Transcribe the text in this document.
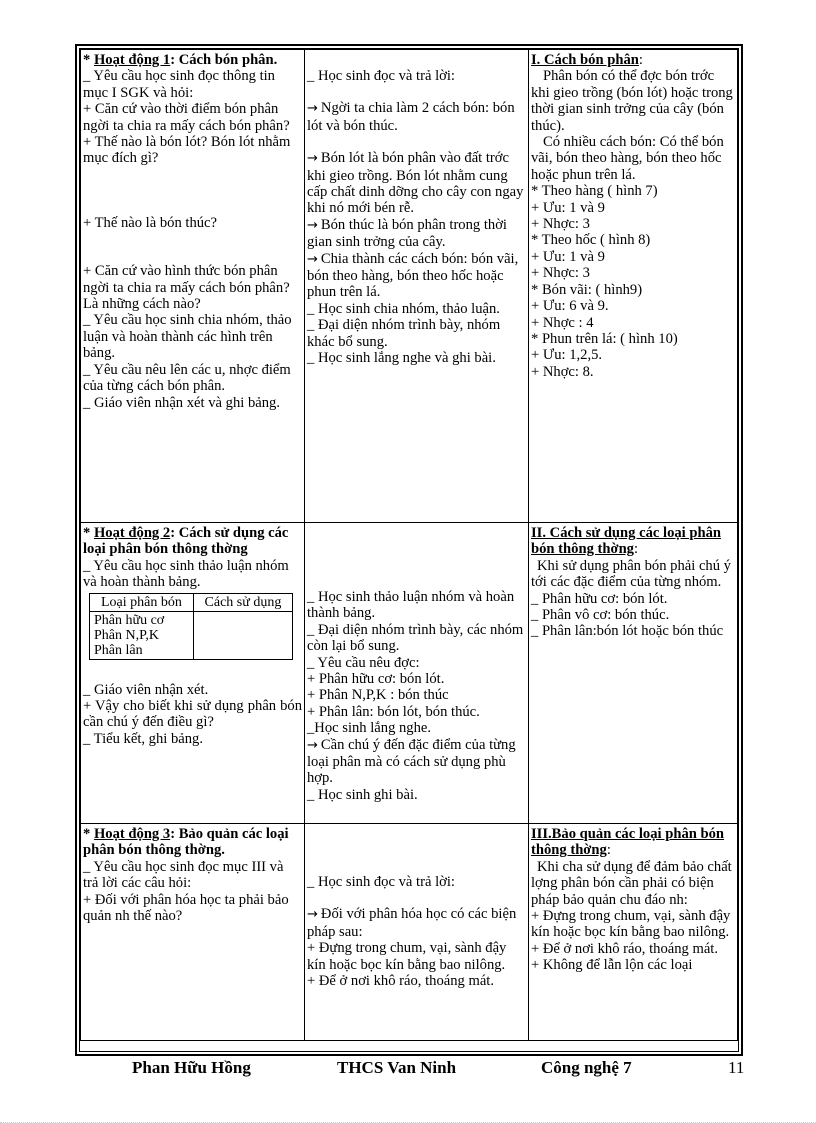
* Hoạt động 1: Cách bón phân.
_ Yêu cầu học sinh đọc thông tin mục I SGK và hỏi:
+ Căn cứ vào thời điểm bón phân ngời ta chia ra mấy cách bón phân?
+ Thế nào là bón lót? Bón lót nhằm mục đích gì?
+ Thế nào là bón thúc?
+ Căn cứ vào hình thức bón phân ngời ta chia ra mấy cách bón phân? Là những cách nào?
_ Yêu cầu học sinh chia nhóm, thảo luận và hoàn thành các hình trên bảng.
_ Yêu cầu nêu lên các u, nhợc điểm của từng cách bón phân.
_ Giáo viên nhận xét và ghi bảng.

_ Học sinh đọc và trả lời:
→ Ngời ta chia làm 2 cách bón: bón lót và bón thúc.
→ Bón lót là bón phân vào đất trớc khi gieo trồng. Bón lót nhằm cung cấp chất dinh dỡng cho cây con ngay khi nó mới bén rễ.
→ Bón thúc là bón phân trong thời gian sinh trởng của cây.
→ Chia thành các cách bón: bón vãi, bón theo hàng, bón theo hốc hoặc phun trên lá.
_ Học sinh chia nhóm, thảo luận.
_ Đại diện nhóm trình bày, nhóm khác bổ sung.
_ Học sinh lắng nghe và ghi bài.

I. Cách bón phân:
Phân bón có thể đợc bón trớc khi gieo trồng (bón lót) hoặc trong thời gian sinh trởng của cây (bón thúc).
Có nhiều cách bón: Có thể bón vãi, bón theo hàng, bón theo hốc hoặc phun trên lá.
* Theo hàng ( hình 7)
+ Ưu: 1 và 9
+ Nhợc: 3
* Theo hốc ( hình 8)
+ Ưu: 1 và 9
+ Nhợc: 3
* Bón vãi: ( hình9)
+ Ưu: 6 và 9.
+ Nhợc : 4
* Phun trên lá: ( hình 10)
+ Ưu: 1,2,5.
+ Nhợc: 8.

* Hoạt động 2: Cách sử dụng các loại phân bón thông thờng
_ Yêu cầu học sinh thảo luận nhóm và hoàn thành bảng.
Loại phân bón	Cách sử dụng

Phân hữu cơ
Phân N,P,K
Phân lân

_ Giáo viên nhận xét.
+ Vậy cho biết khi sử dụng phân bón cần chú ý đến điều gì?
_ Tiểu kết, ghi bảng.

_ Học sinh thảo luận nhóm và hoàn thành bảng.
_ Đại diện nhóm trình bày, các nhóm còn lại bổ sung.
_ Yêu cầu nêu đợc:
+ Phân hữu cơ: bón lót.
+ Phân N,P,K : bón thúc
+ Phân lân: bón lót, bón thúc.
_Học sinh lắng nghe.
→ Cần chú ý đến đặc điểm của từng loại phân mà có cách sử dụng phù hợp.
_ Học sinh ghi bài.

II. Cách sử dụng các loại phân bón thông thờng:
Khi sử dụng phân bón phải chú ý tới các đặc điểm của từng nhóm.
_ Phân hữu cơ: bón lót.
_ Phân vô cơ: bón thúc.
_ Phân lân:bón lót hoặc bón thúc

* Hoạt động 3: Bảo quản các loại phân bón thông thờng.
_ Yêu cầu học sinh đọc mục III và trả lời các câu hỏi:
+ Đối với phân hóa học ta phải bảo quản nh thế nào?

_ Học sinh đọc và trả lời:
→ Đối với phân hóa học có các biện pháp sau:
+ Đựng trong chum, vại, sành đậy kín hoặc bọc kín bằng bao nilông.
+ Để ở nơi khô ráo, thoáng mát.

III.Bảo quản các loại phân bón thông thờng:
Khi cha sử dụng để đảm bảo chất lợng phân bón cần phải có biện pháp bảo quản chu đáo nh:
+ Đựng trong chum, vại, sành đậy kín hoặc bọc kín bằng bao nilông.
+ Để ở nơi khô ráo, thoáng mát.
+ Không để lẫn lộn các loại
Phan Hữu Hồng	THCS Van Ninh	Công nghệ 7	11
